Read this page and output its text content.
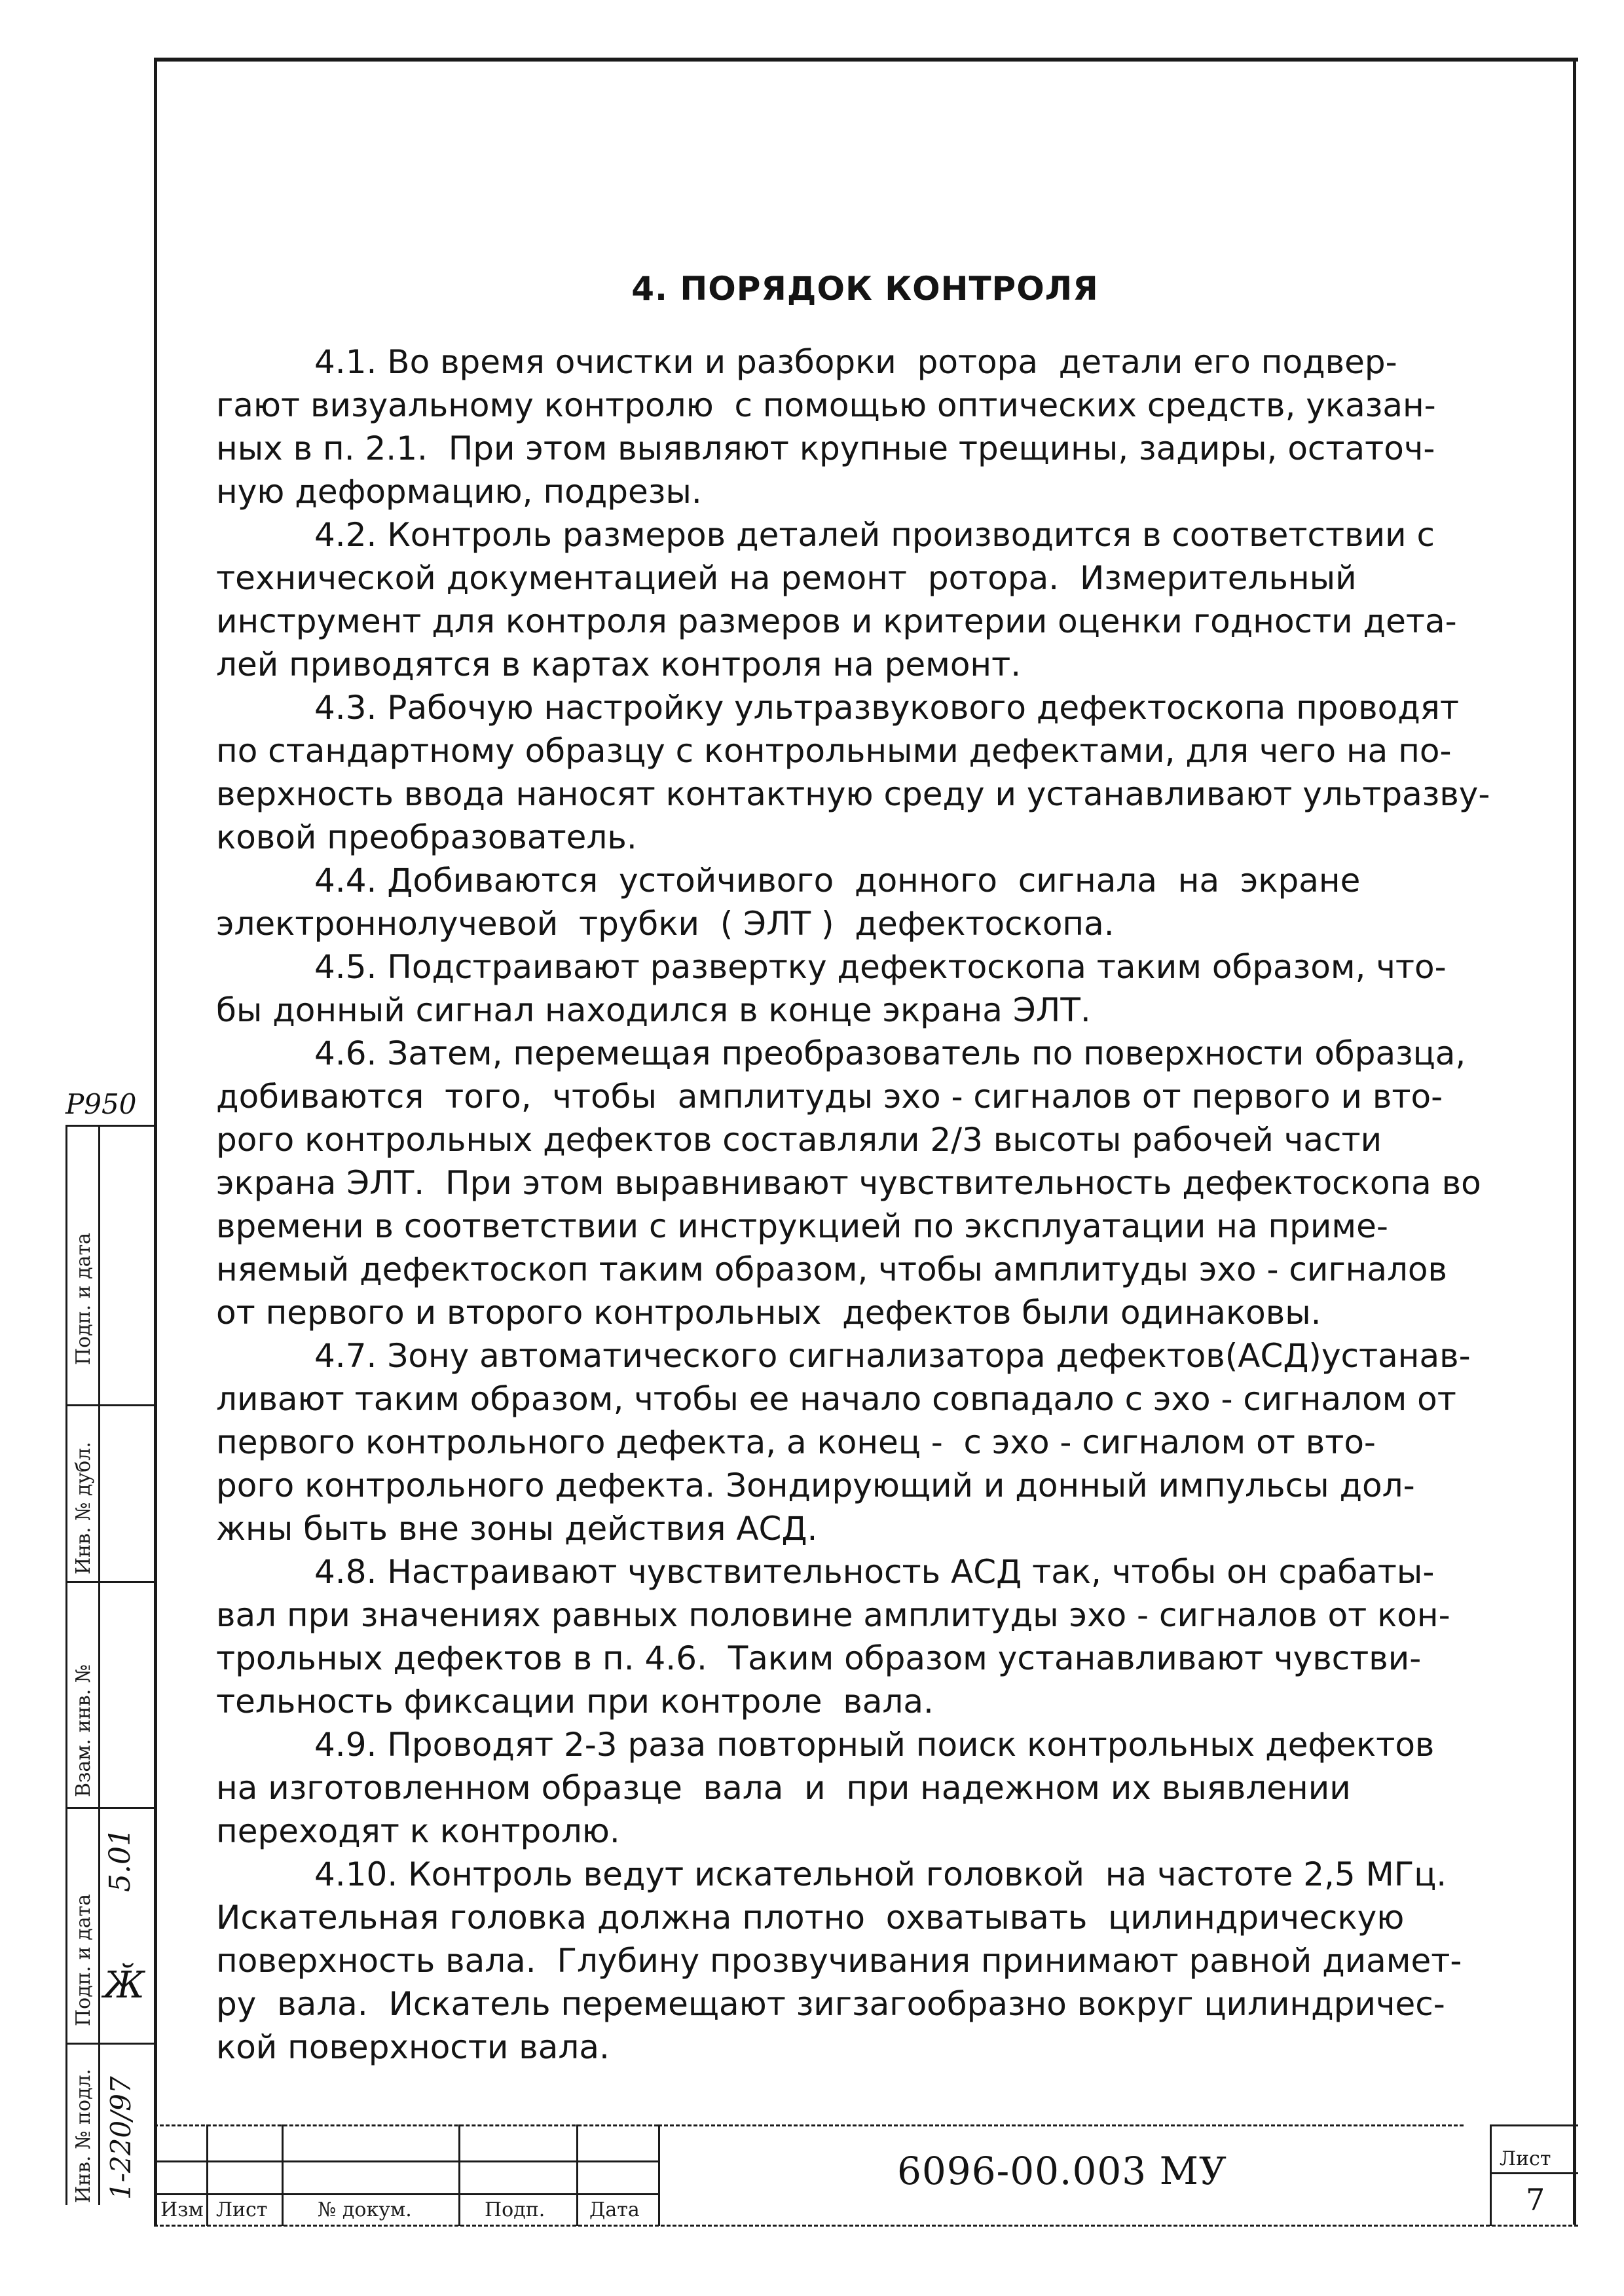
4. ПОРЯДОК КОНТРОЛЯ

4.1. Во время очистки и разборки  ротора  детали его подвер-
гают визуальному контролю  с помощью оптических средств, указан-
ных в п. 2.1.  При этом выявляют крупные трещины, задиры, остаточ-
ную деформацию, подрезы.

4.2. Контроль размеров деталей производится в соответствии с
технической документацией на ремонт  ротора.  Измерительный
инструмент для контроля размеров и критерии оценки годности дета-
лей приводятся в картах контроля на ремонт.

4.3. Рабочую настройку ультразвукового дефектоскопа проводят
по стандартному образцу с контрольными дефектами, для чего на по-
верхность ввода наносят контактную среду и устанавливают ультразву-
ковой преобразователь.

4.4. Добиваются  устойчивого  донного  сигнала  на  экране
электроннолучевой  трубки  ( ЭЛТ )  дефектоскопа.

4.5. Подстраивают развертку дефектоскопа таким образом, что-
бы донный сигнал находился в конце экрана ЭЛТ.

4.6. Затем, перемещая преобразователь по поверхности образца,
добиваются  того,  чтобы  амплитуды эхо - сигналов от первого и вто-
рого контрольных дефектов составляли 2/3 высоты рабочей части
экрана ЭЛТ.  При этом выравнивают чувствительность дефектоскопа во
времени в соответствии с инструкцией по эксплуатации на приме-
няемый дефектоскоп таким образом, чтобы амплитуды эхо - сигналов
от первого и второго контрольных  дефектов были одинаковы.

4.7. Зону автоматического сигнализатора дефектов(АСД)устанав-
ливают таким образом, чтобы ее начало совпадало с эхо - сигналом от
первого контрольного дефекта, а конец -  с эхо - сигналом от вто-
рого контрольного дефекта. Зондирующий и донный импульсы дол-
жны быть вне зоны действия АСД.

4.8. Настраивают чувствительность АСД так, чтобы он срабаты-
вал при значениях равных половине амплитуды эхо - сигналов от кон-
трольных дефектов в п. 4.6.  Таким образом устанавливают чувстви-
тельность фиксации при контроле  вала.

4.9. Проводят 2-3 раза повторный поиск контрольных дефектов
на изготовленном образце  вала  и  при надежном их выявлении
переходят к контролю.

4.10. Контроль ведут искательной головкой  на частоте 2,5 МГц.
Искательная головка должна плотно  охватывать  цилиндрическую
поверхность вала.  Глубину прозвучивания принимают равной диамет-
ру  вала.  Искатель перемещают зигзагообразно вокруг цилиндричес-
кой поверхности вала.

P950
Подп. и дата
Инв. № дубл.
Взам. инв. №
Подп. и дата
Инв. № подл.
5.01
Ӂ
1-220/97
Изм Лист	№ докум.	Подп. Дата
6096-00.003 МУ	Лист
7
